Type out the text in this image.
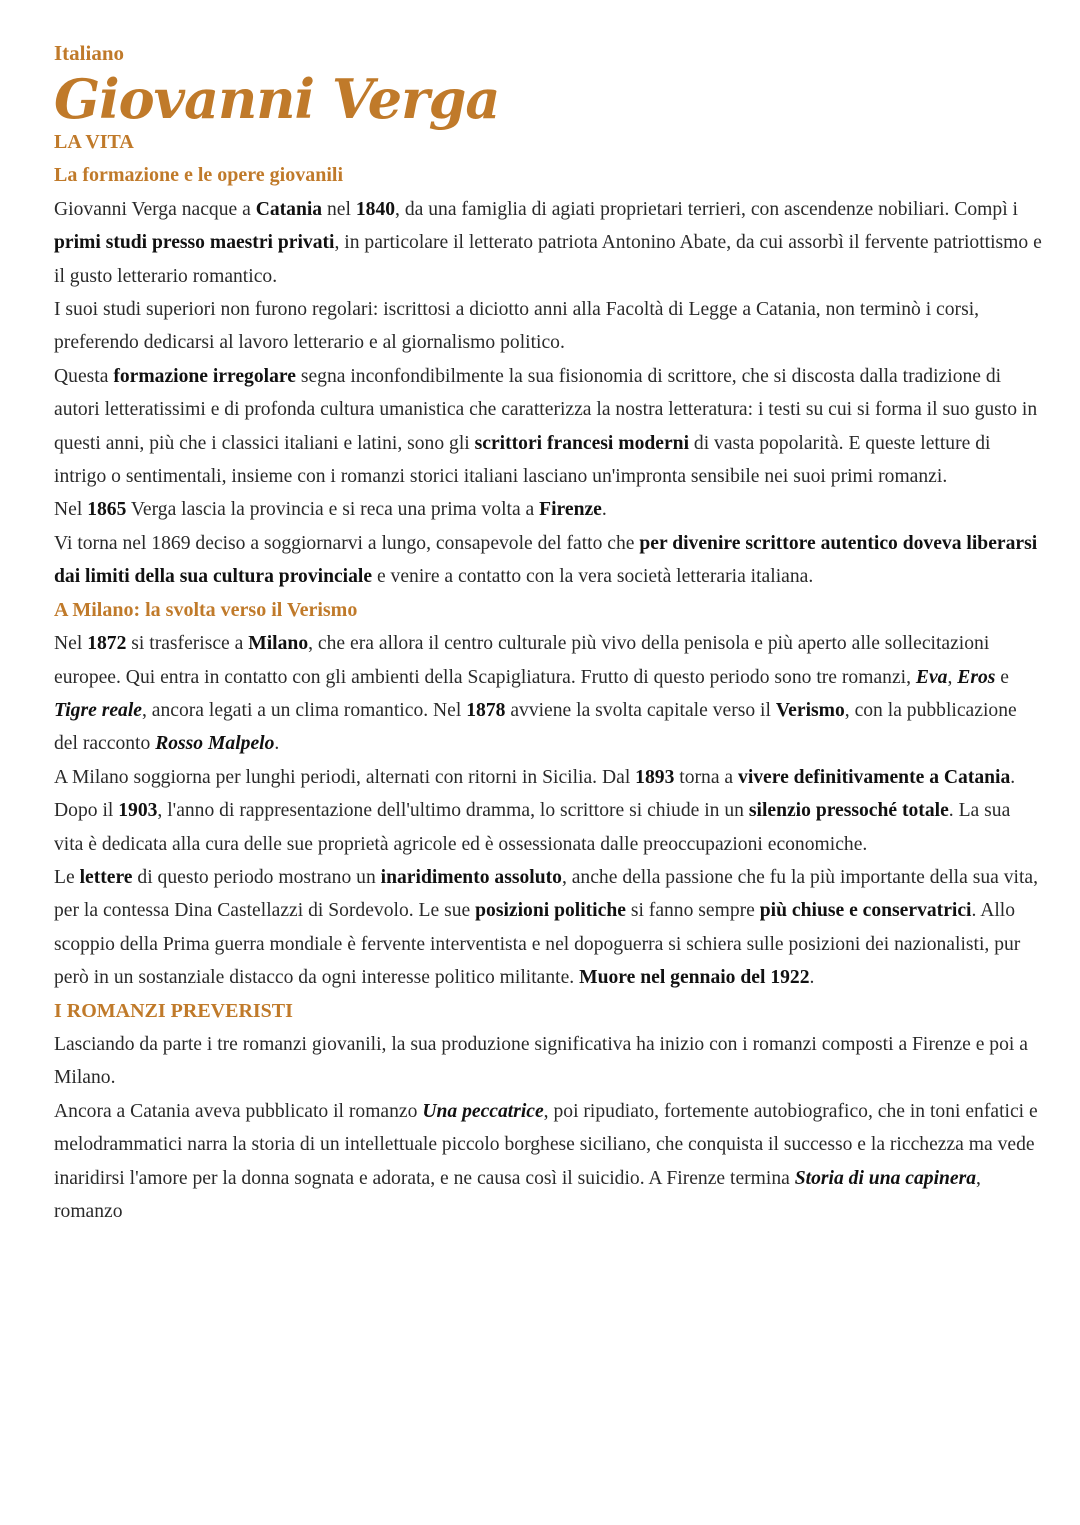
Italiano
Giovanni Verga
LA VITA
La formazione e le opere giovanili

Giovanni Verga nacque a Catania nel 1840, da una famiglia di agiati proprietari terrieri, con ascendenze nobiliari. Compì i primi studi presso maestri privati, in particolare il letterato patriota Antonino Abate, da cui assorbì il fervente patriottismo e il gusto letterario romantico.

I suoi studi superiori non furono regolari: iscrittosi a diciotto anni alla Facoltà di Legge a Catania, non terminò i corsi, preferendo dedicarsi al lavoro letterario e al giornalismo politico.

Questa formazione irregolare segna inconfondibilmente la sua fisionomia di scrittore, che si discosta dalla tradizione di autori letteratissimi e di profonda cultura umanistica che caratterizza la nostra letteratura: i testi su cui si forma il suo gusto in questi anni, più che i classici italiani e latini, sono gli scrittori francesi moderni di vasta popolarità. E queste letture di intrigo o sentimentali, insieme con i romanzi storici italiani lasciano un'impronta sensibile nei suoi primi romanzi.

Nel 1865 Verga lascia la provincia e si reca una prima volta a Firenze.

Vi torna nel 1869 deciso a soggiornarvi a lungo, consapevole del fatto che per divenire scrittore autentico doveva liberarsi dai limiti della sua cultura provinciale e venire a contatto con la vera società letteraria italiana.

A Milano: la svolta verso il Verismo

Nel 1872 si trasferisce a Milano, che era allora il centro culturale più vivo della penisola e più aperto alle sollecitazioni europee. Qui entra in contatto con gli ambienti della Scapigliatura. Frutto di questo periodo sono tre romanzi, Eva, Eros e Tigre reale, ancora legati a un clima romantico. Nel 1878 avviene la svolta capitale verso il Verismo, con la pubblicazione del racconto Rosso Malpelo.

A Milano soggiorna per lunghi periodi, alternati con ritorni in Sicilia. Dal 1893 torna a vivere definitivamente a Catania.

Dopo il 1903, l'anno di rappresentazione dell'ultimo dramma, lo scrittore si chiude in un silenzio pressoché totale. La sua vita è dedicata alla cura delle sue proprietà agricole ed è ossessionata dalle preoccupazioni economiche.

Le lettere di questo periodo mostrano un inaridimento assoluto, anche della passione che fu la più importante della sua vita, per la contessa Dina Castellazzi di Sordevolo. Le sue posizioni politiche si fanno sempre più chiuse e conservatrici. Allo scoppio della Prima guerra mondiale è fervente interventista e nel dopoguerra si schiera sulle posizioni dei nazionalisti, pur però in un sostanziale distacco da ogni interesse politico militante. Muore nel gennaio del 1922.

I ROMANZI PREVERISTI

Lasciando da parte i tre romanzi giovanili, la sua produzione significativa ha inizio con i romanzi composti a Firenze e poi a Milano.

Ancora a Catania aveva pubblicato il romanzo Una peccatrice, poi ripudiato, fortemente autobiografico, che in toni enfatici e melodrammatici narra la storia di un intellettuale piccolo borghese siciliano, che conquista il successo e la ricchezza ma vede inaridirsi l'amore per la donna sognata e adorata, e ne causa così il suicidio. A Firenze termina Storia di una capinera, romanzo
